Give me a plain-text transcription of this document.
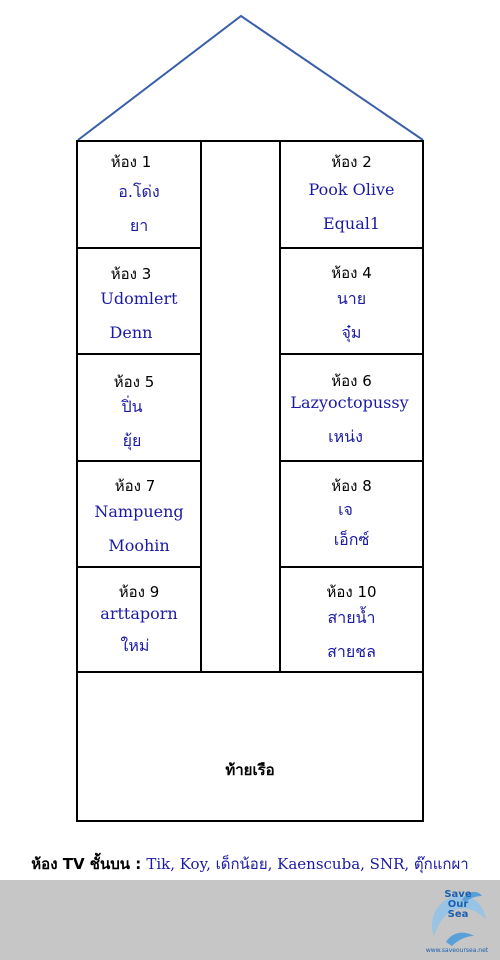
ห้อง 1
อ.โด่ง
ยา
ห้อง 3
Udomlert
Denn
ห้อง 5
ปิ่น
ยุ้ย
ห้อง 7
Nampueng
Moohin
ห้อง 9
arttaporn
ใหม่
ห้อง 2
Pook Olive
Equal1
ห้อง 4
นาย
จุ๋ม
ห้อง 6
Lazyoctopussy
เหน่ง
ห้อง 8
เจ
เอ็กซ์
ห้อง 10
สายน้ำ
สายชล
ท้ายเรือ
ห้อง TV ชั้นบน : Tik, Koy, เด็กน้อย, Kaenscuba, SNR, ตุ๊กแกผา
Save
Our
Sea
www.saveoursea.net
